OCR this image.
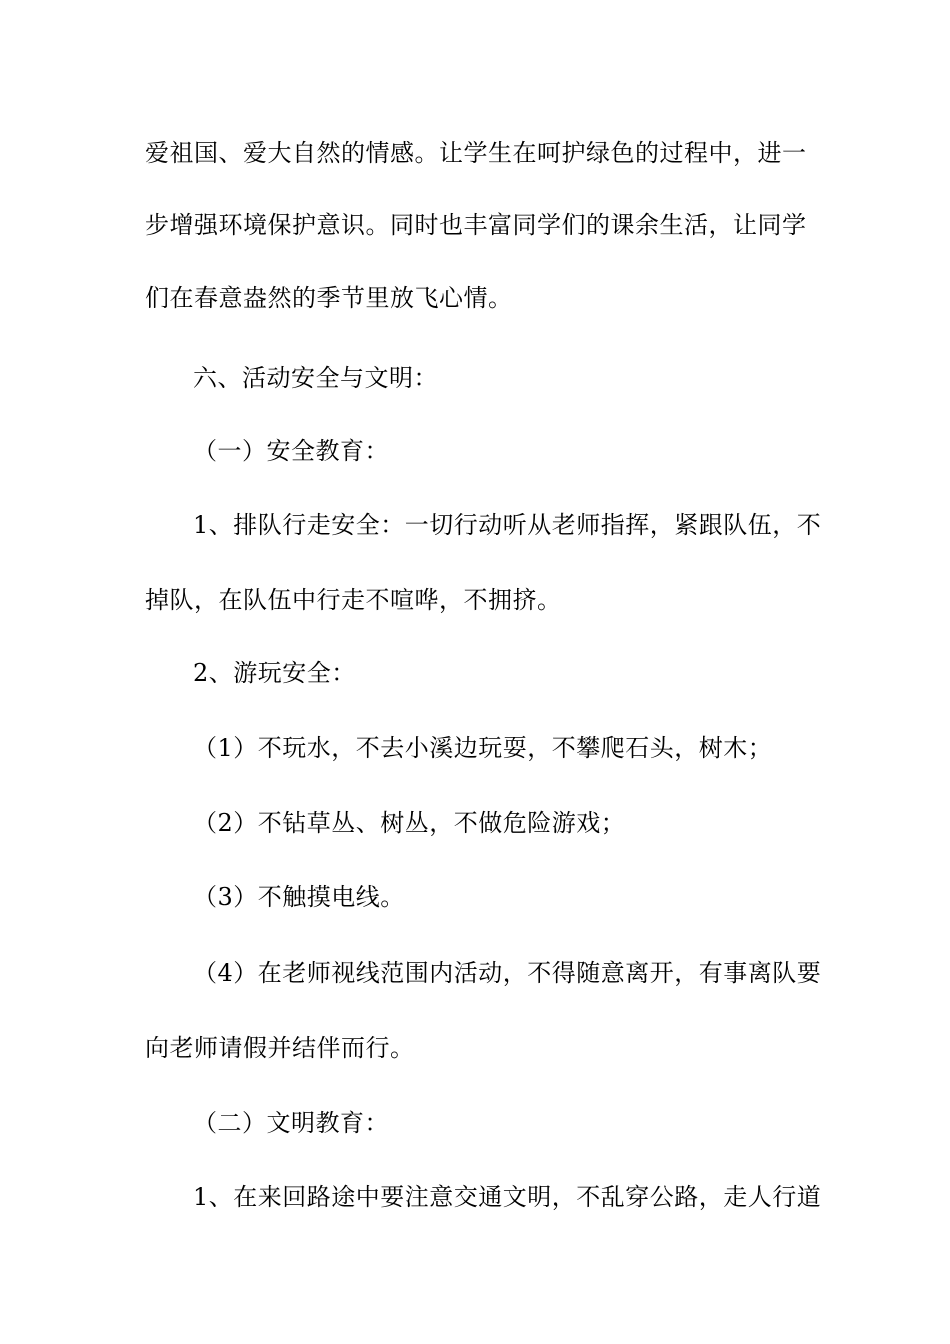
爱祖国、爱大自然的情感。让学生在呵护绿色的过程中，进一
步增强环境保护意识。同时也丰富同学们的课余生活，让同学
们在春意盎然的季节里放飞心情。
六、活动安全与文明：
（一）安全教育：
1、排队行走安全：一切行动听从老师指挥，紧跟队伍，不
掉队，在队伍中行走不喧哗，不拥挤。
2、游玩安全：
（1）不玩水，不去小溪边玩耍，不攀爬石头，树木；
（2）不钻草丛、树丛，不做危险游戏；
（3）不触摸电线。
（4）在老师视线范围内活动，不得随意离开，有事离队要
向老师请假并结伴而行。
（二）文明教育：
1、在来回路途中要注意交通文明，不乱穿公路，走人行道
